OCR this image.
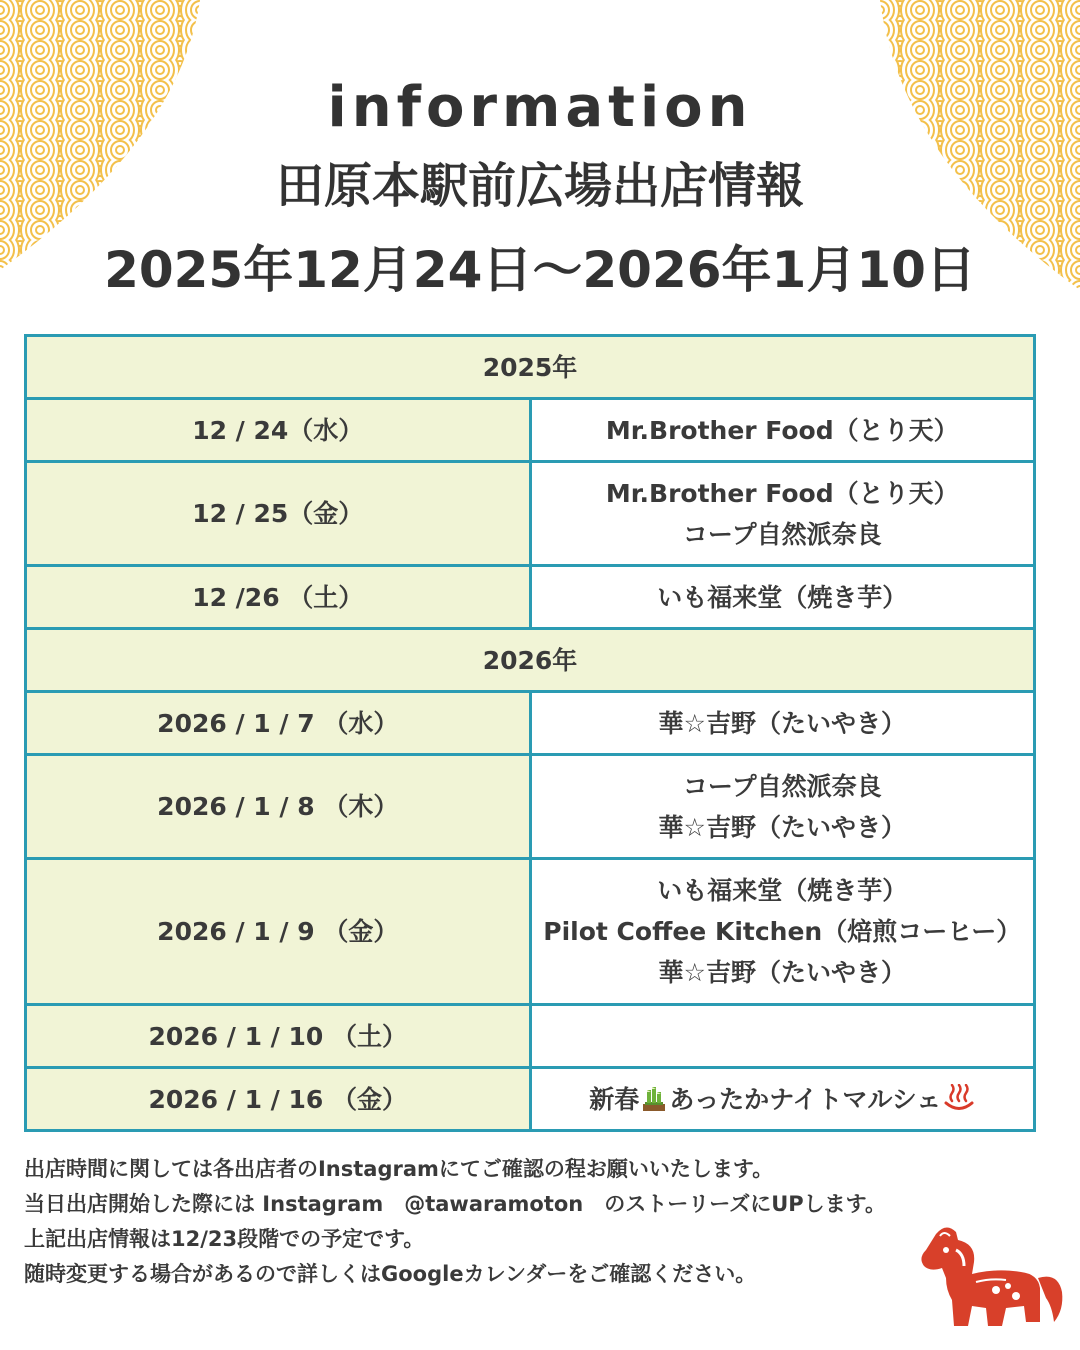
information
田原本駅前広場出店情報
2025年12月24日～2026年1月10日
2025年	
12 / 24（水）	Mr.Brother Food（とり天）

12 / 25（金）	Mr.Brother Food（とり天）
コープ自然派奈良

12 /26 （土）	いも福来堂（焼き芋）

2026年	
2026 / 1 / 7 （水）	華☆吉野（たいやき）

2026 / 1 / 8 （木）	コープ自然派奈良
華☆吉野（たいやき）

2026 / 1 / 9 （金）	いも福来堂（焼き芋）
Pilot Coffee Kitchen（焙煎コーヒー）
華☆吉野（たいやき）

2026 / 1 / 10 （土）	
2026 / 1 / 16 （金）	新春 あったかナイトマルシェ
出店時間に関しては各出店者のInstagramにてご確認の程お願いいたします。
当日出店開始した際には Instagram　@tawaramoton　のストーリーズにUPします。
上記出店情報は12/23段階での予定です。
随時変更する場合があるので詳しくはGoogleカレンダーをご確認ください。
